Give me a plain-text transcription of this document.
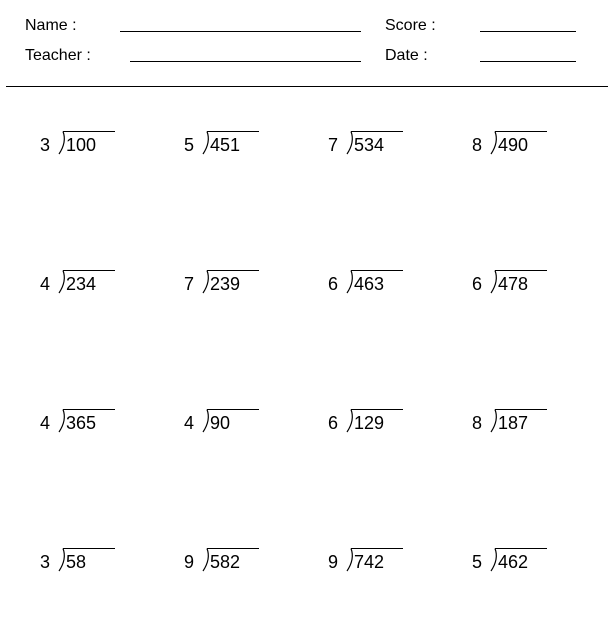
Name :	Score :
Teacher :	Date :
3 100	5 451	7 534	8 490
4 234	7 239	6 463	6 478
4 365	4 90	6 129	8 187
3 58	9 582	9 742	5 462
